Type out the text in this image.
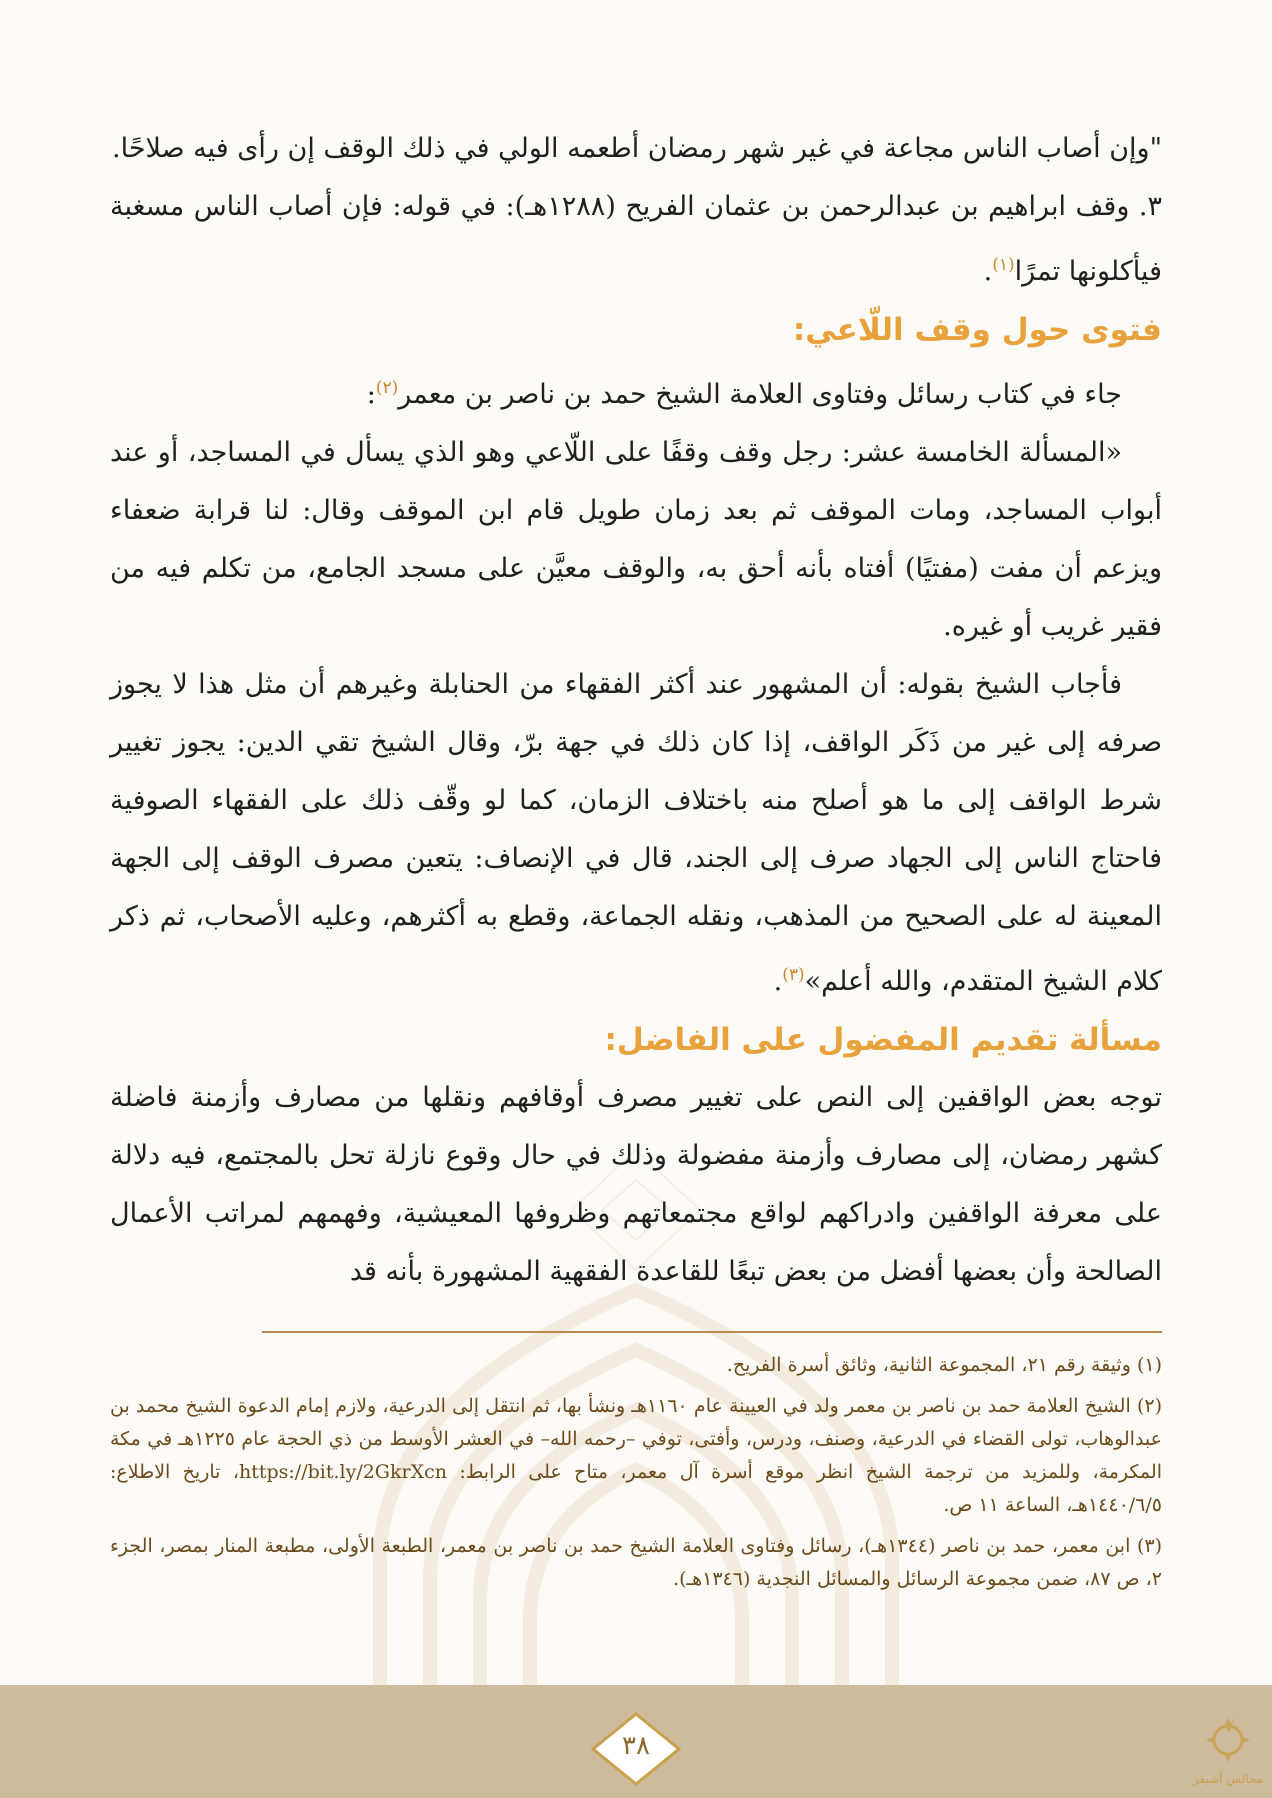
"وإن أصاب الناس مجاعة في غير شهر رمضان أطعمه الولي في ذلك الوقف إن رأى فيه صلاحًا.

٣. وقف ابراهيم بن عبدالرحمن بن عثمان الفريح (١٢٨٨هـ): في قوله: فإن أصاب الناس مسغبة فيأكلونها تمرًا$^{(١)}$.

فتوى حول وقف اللّاعي:

جاء في كتاب رسائل وفتاوى العلامة الشيخ حمد بن ناصر بن معمر$^{(٢)}$:

«المسألة الخامسة عشر: رجل وقف وقفًا على اللّاعي وهو الذي يسأل في المساجد، أو عند أبواب المساجد، ومات الموقف ثم بعد زمان طويل قام ابن الموقف وقال: لنا قرابة ضعفاء ويزعم أن مفت (مفتيًا) أفتاه بأنه أحق به، والوقف معيَّن على مسجد الجامع، من تكلم فيه من فقير غريب أو غيره.

فأجاب الشيخ بقوله: أن المشهور عند أكثر الفقهاء من الحنابلة وغيرهم أن مثل هذا لا يجوز صرفه إلى غير من ذَكَر الواقف، إذا كان ذلك في جهة برّ، وقال الشيخ تقي الدين: يجوز تغيير شرط الواقف إلى ما هو أصلح منه باختلاف الزمان، كما لو وقّف ذلك على الفقهاء الصوفية فاحتاج الناس إلى الجهاد صرف إلى الجند، قال في الإنصاف: يتعين مصرف الوقف إلى الجهة المعينة له على الصحيح من المذهب، ونقله الجماعة، وقطع به أكثرهم، وعليه الأصحاب، ثم ذكر كلام الشيخ المتقدم، والله أعلم»$^{(٣)}$.

مسألة تقديم المفضول على الفاضل:

توجه بعض الواقفين إلى النص على تغيير مصرف أوقافهم ونقلها من مصارف وأزمنة فاضلة كشهر رمضان، إلى مصارف وأزمنة مفضولة وذلك في حال وقوع نازلة تحل بالمجتمع، فيه دلالة على معرفة الواقفين وادراكهم لواقع مجتمعاتهم وظروفها المعيشية، وفهمهم لمراتب الأعمال الصالحة وأن بعضها أفضل من بعض تبعًا للقاعدة الفقهية المشهورة بأنه قد

(١) وثيقة رقم ٢١، المجموعة الثانية، وثائق أسرة الفريح.

(٢) الشيخ العلامة حمد بن ناصر بن معمر ولد في العيينة عام ١١٦٠هـ ونشأ بها، ثم انتقل إلى الدرعية، ولازم إمام الدعوة الشيخ محمد بن عبدالوهاب، تولى القضاء في الدرعية، وصنف، ودرس، وأفتى، توفي –رحمه الله– في العشر الأوسط من ذي الحجة عام ١٢٢٥هـ في مكة المكرمة، وللمزيد من ترجمة الشيخ انظر موقع أسرة آل معمر، متاح على الرابط: https://bit.ly/2GkrXcn، تاريخ الاطلاع: ١٤٤٠/٦/٥هـ، الساعة ١١ ص.

(٣) ابن معمر، حمد بن ناصر (١٣٤٤هـ)، رسائل وفتاوى العلامة الشيخ حمد بن ناصر بن معمر، الطبعة الأولى، مطبعة المنار بمصر، الجزء ٢، ص ٨٧، ضمن مجموعة الرسائل والمسائل النجدية (١٣٤٦هـ).

٣٨
مجالس أشيقر
